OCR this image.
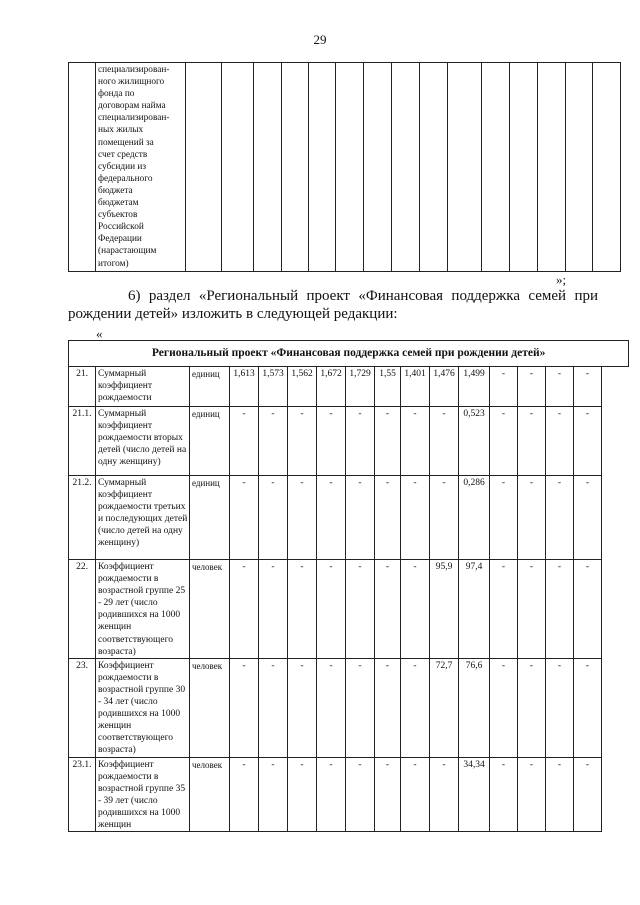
29
	специализирован-
ного жилищного
фонда по
договорам найма
специализирован-
ных жилых
помещений за
счет средств
субсидии из
федерального
бюджета
бюджетам
субъектов
Российской
Федерации
(нарастающим
итогом)															
»;
6) раздел «Региональный проект «Финансовая поддержка семей при рождении детей» изложить в следующей редакции:
«
Региональный проект «Финансовая поддержка семей при рождении детей»															
21.	Суммарный коэффициент рождаемости	единиц	1,613	1,573	1,562	1,672	1,729	1,55	1,401	1,476	1,499	-	-	-	-
21.1.	Суммарный коэффициент рождаемости вторых детей (число детей на одну женщину)	единиц	-	-	-	-	-	-	-	-	0,523	-	-	-	-
21.2.	Суммарный коэффициент рождаемости третьих и последующих детей (число детей на одну женщину)	единиц	-	-	-	-	-	-	-	-	0,286	-	-	-	-
22.	Коэффициент рождаемости в возрастной группе 25 - 29 лет (число родившихся на 1000 женщин соответствующего возраста)	человек	-	-	-	-	-	-	-	95,9	97,4	-	-	-	-
23.	Коэффициент рождаемости в возрастной группе 30 - 34 лет (число родившихся на 1000 женщин соответствующего возраста)	человек	-	-	-	-	-	-	-	72,7	76,6	-	-	-	-
23.1.	Коэффициент рождаемости в возрастной группе 35 - 39 лет (число родившихся на 1000 женщин	человек	-	-	-	-	-	-	-	-	34,34	-	-	-	-
